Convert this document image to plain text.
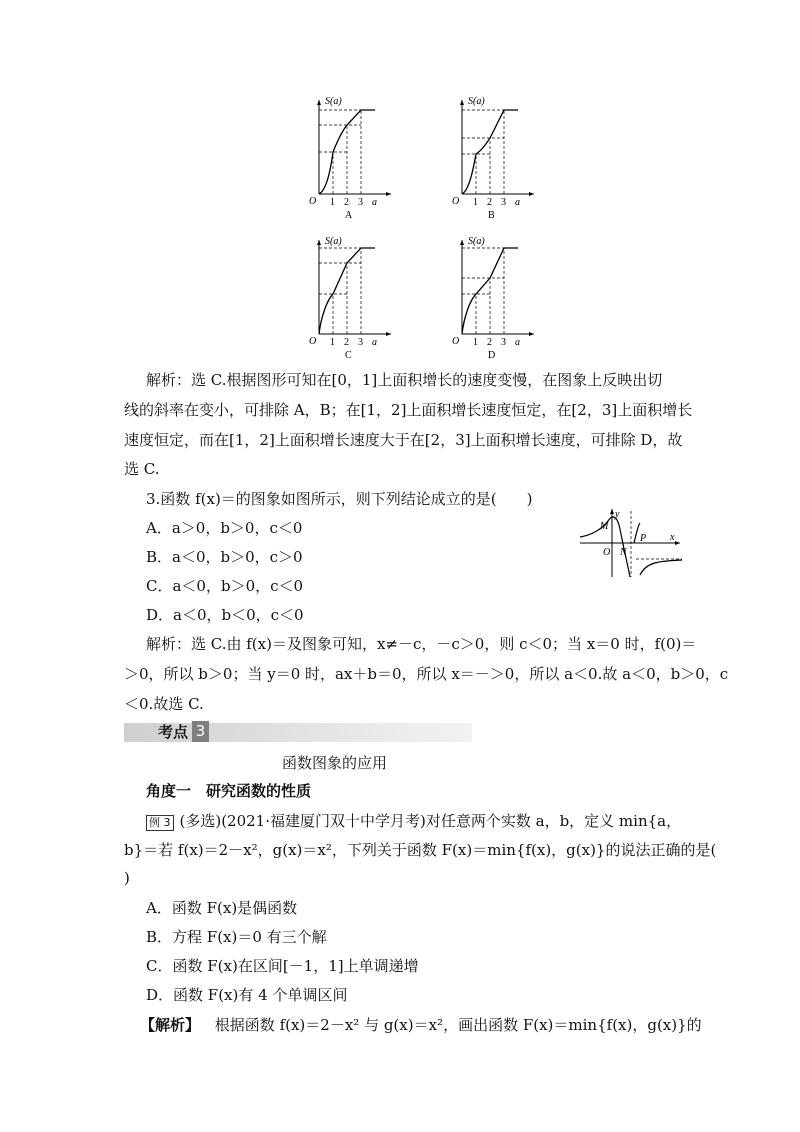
S(a)
O 1 2 3 a
A
S(a)
O 1 2 3 a
B
S(a)
O 1 2 3 a
C
S(a)
O 1 2 3 a
D
解析：选 C.根据图形可知在[0，1]上面积增长的速度变慢，在图象上反映出切
线的斜率在变小，可排除 A，B；在[1，2]上面积增长速度恒定，在[2，3]上面积增长
速度恒定，而在[1，2]上面积增长速度大于在[2，3]上面积增长速度，可排除 D，故
选 C.
3.函数 f(x)＝的图象如图所示，则下列结论成立的是(　　)
A．a＞0，b＞0，c＜0
B．a＜0，b＞0，c＞0
C．a＜0，b＞0，c＜0
D．a＜0，b＜0，c＜0
M
y
O N
P x
解析：选 C.由 f(x)＝及图象可知，x≠－c，－c＞0，则 c＜0；当 x＝0 时，f(0)＝
＞0，所以 b＞0；当 y＝0 时，ax＋b＝0，所以 x＝－＞0，所以 a＜0.故 a＜0，b＞0，c
＜0.故选 C.
考点 3
函数图象的应用
角度一　研究函数的性质
例 3 (多选)(2021·福建厦门双十中学月考)对任意两个实数 a，b，定义 min{a，
b}＝若 f(x)＝2－x²，g(x)＝x²，下列关于函数 F(x)＝min{f(x)，g(x)}的说法正确的是(
)
A．函数 F(x)是偶函数
B．方程 F(x)＝0 有三个解
C．函数 F(x)在区间[－1，1]上单调递增
D．函数 F(x)有 4 个单调区间
【解析】 根据函数 f(x)＝2－x² 与 g(x)＝x²，画出函数 F(x)＝min{f(x)，g(x)}的
